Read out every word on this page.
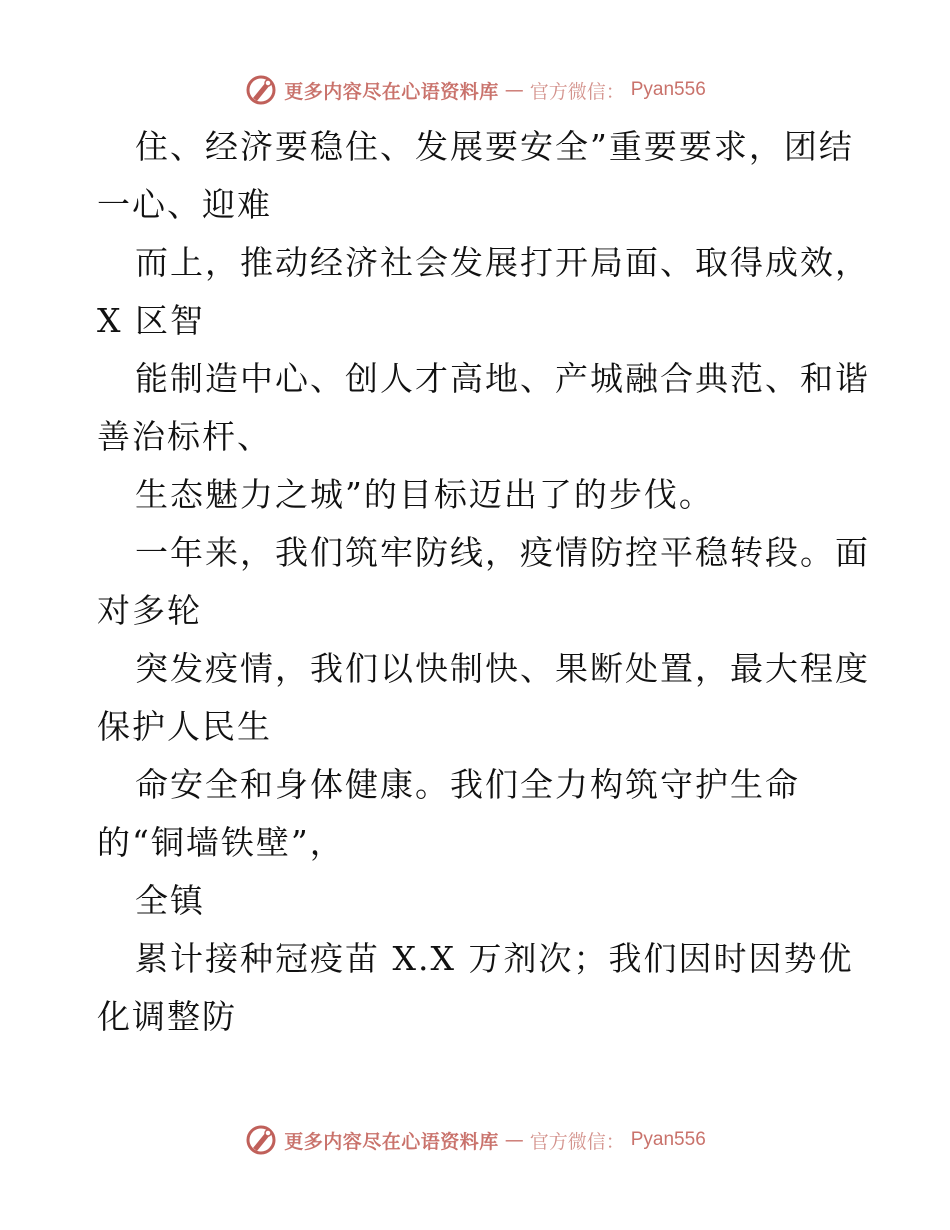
更多内容尽在心语资料库 — 官方微信： Pyan556
住、经济要稳住、发展要安全”重要要求，团结
一心、迎难
而上，推动经济社会发展打开局面、取得成效，
X 区智
能制造中心、创人才高地、产城融合典范、和谐
善治标杆、
生态魅力之城”的目标迈出了的步伐。
一年来，我们筑牢防线，疫情防控平稳转段。面
对多轮
突发疫情，我们以快制快、果断处置，最大程度
保护人民生
命安全和身体健康。我们全力构筑守护生命
的“铜墙铁壁”，
全镇
累计接种冠疫苗 X.X 万剂次；我们因时因势优
化调整防
更多内容尽在心语资料库 — 官方微信： Pyan556
